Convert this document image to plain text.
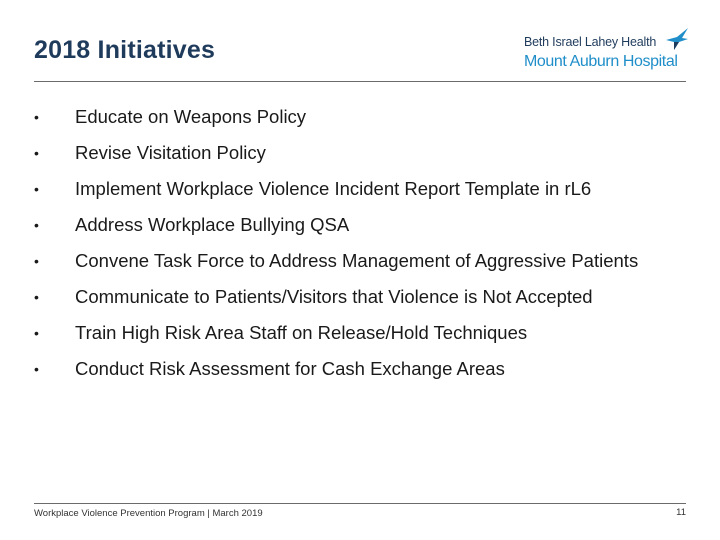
2018 Initiatives	Beth Israel Lahey Health
Mount Auburn Hospital
•	Educate on Weapons Policy
•	Revise Visitation Policy
•	Implement Workplace Violence Incident Report Template in rL6
•	Address Workplace Bullying QSA
•	Convene Task Force to Address Management of Aggressive Patients
•	Communicate to Patients/Visitors that Violence is Not Accepted
•	Train High Risk Area Staff on Release/Hold Techniques
•	Conduct Risk Assessment for Cash Exchange Areas
Workplace Violence Prevention Program | March 2019	11
